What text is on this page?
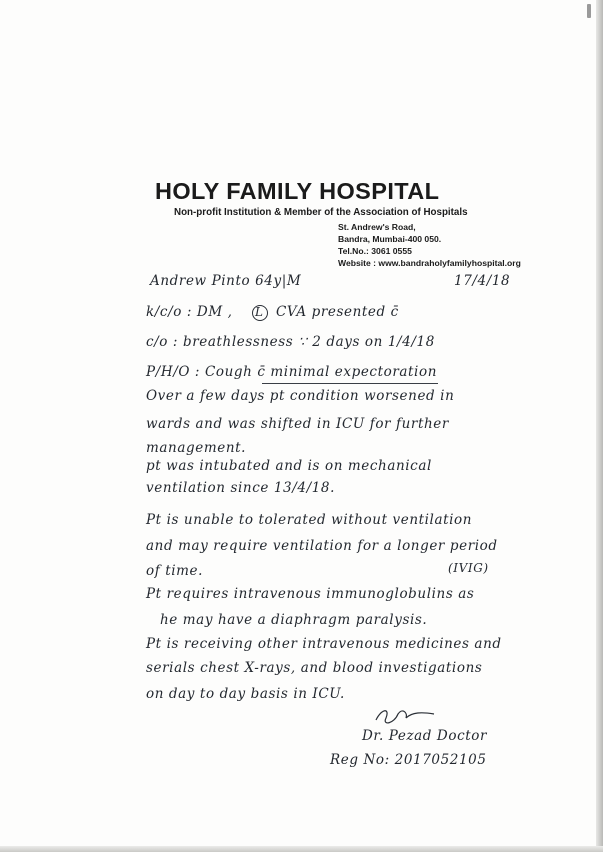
HOLY FAMILY HOSPITAL
Non-profit Institution & Member of the Association of Hospitals
St. Andrew's Road,
Bandra, Mumbai-400 050.
Tel.No.: 3061 0555
Website : www.bandraholyfamilyhospital.org
Andrew Pinto 64y|M	17/4/18
k/c/o : DM , L CVA presented c̄
c/o : breathlessness ∵ 2 days on 1/4/18
P/H/O : Cough c̄ minimal expectoration
Over a few days pt condition worsened in
wards and was shifted in ICU for further
management.
pt was intubated and is on mechanical
ventilation since 13/4/18.
Pt is unable to tolerated without ventilation
and may require ventilation for a longer period
of time.	(IVIG)
Pt requires intravenous immunoglobulins as
he may have a diaphragm paralysis.
Pt is receiving other intravenous medicines and
serials chest X-rays, and blood investigations
on day to day basis in ICU.
Dr. Pezad Doctor
Reg No: 2017052105
